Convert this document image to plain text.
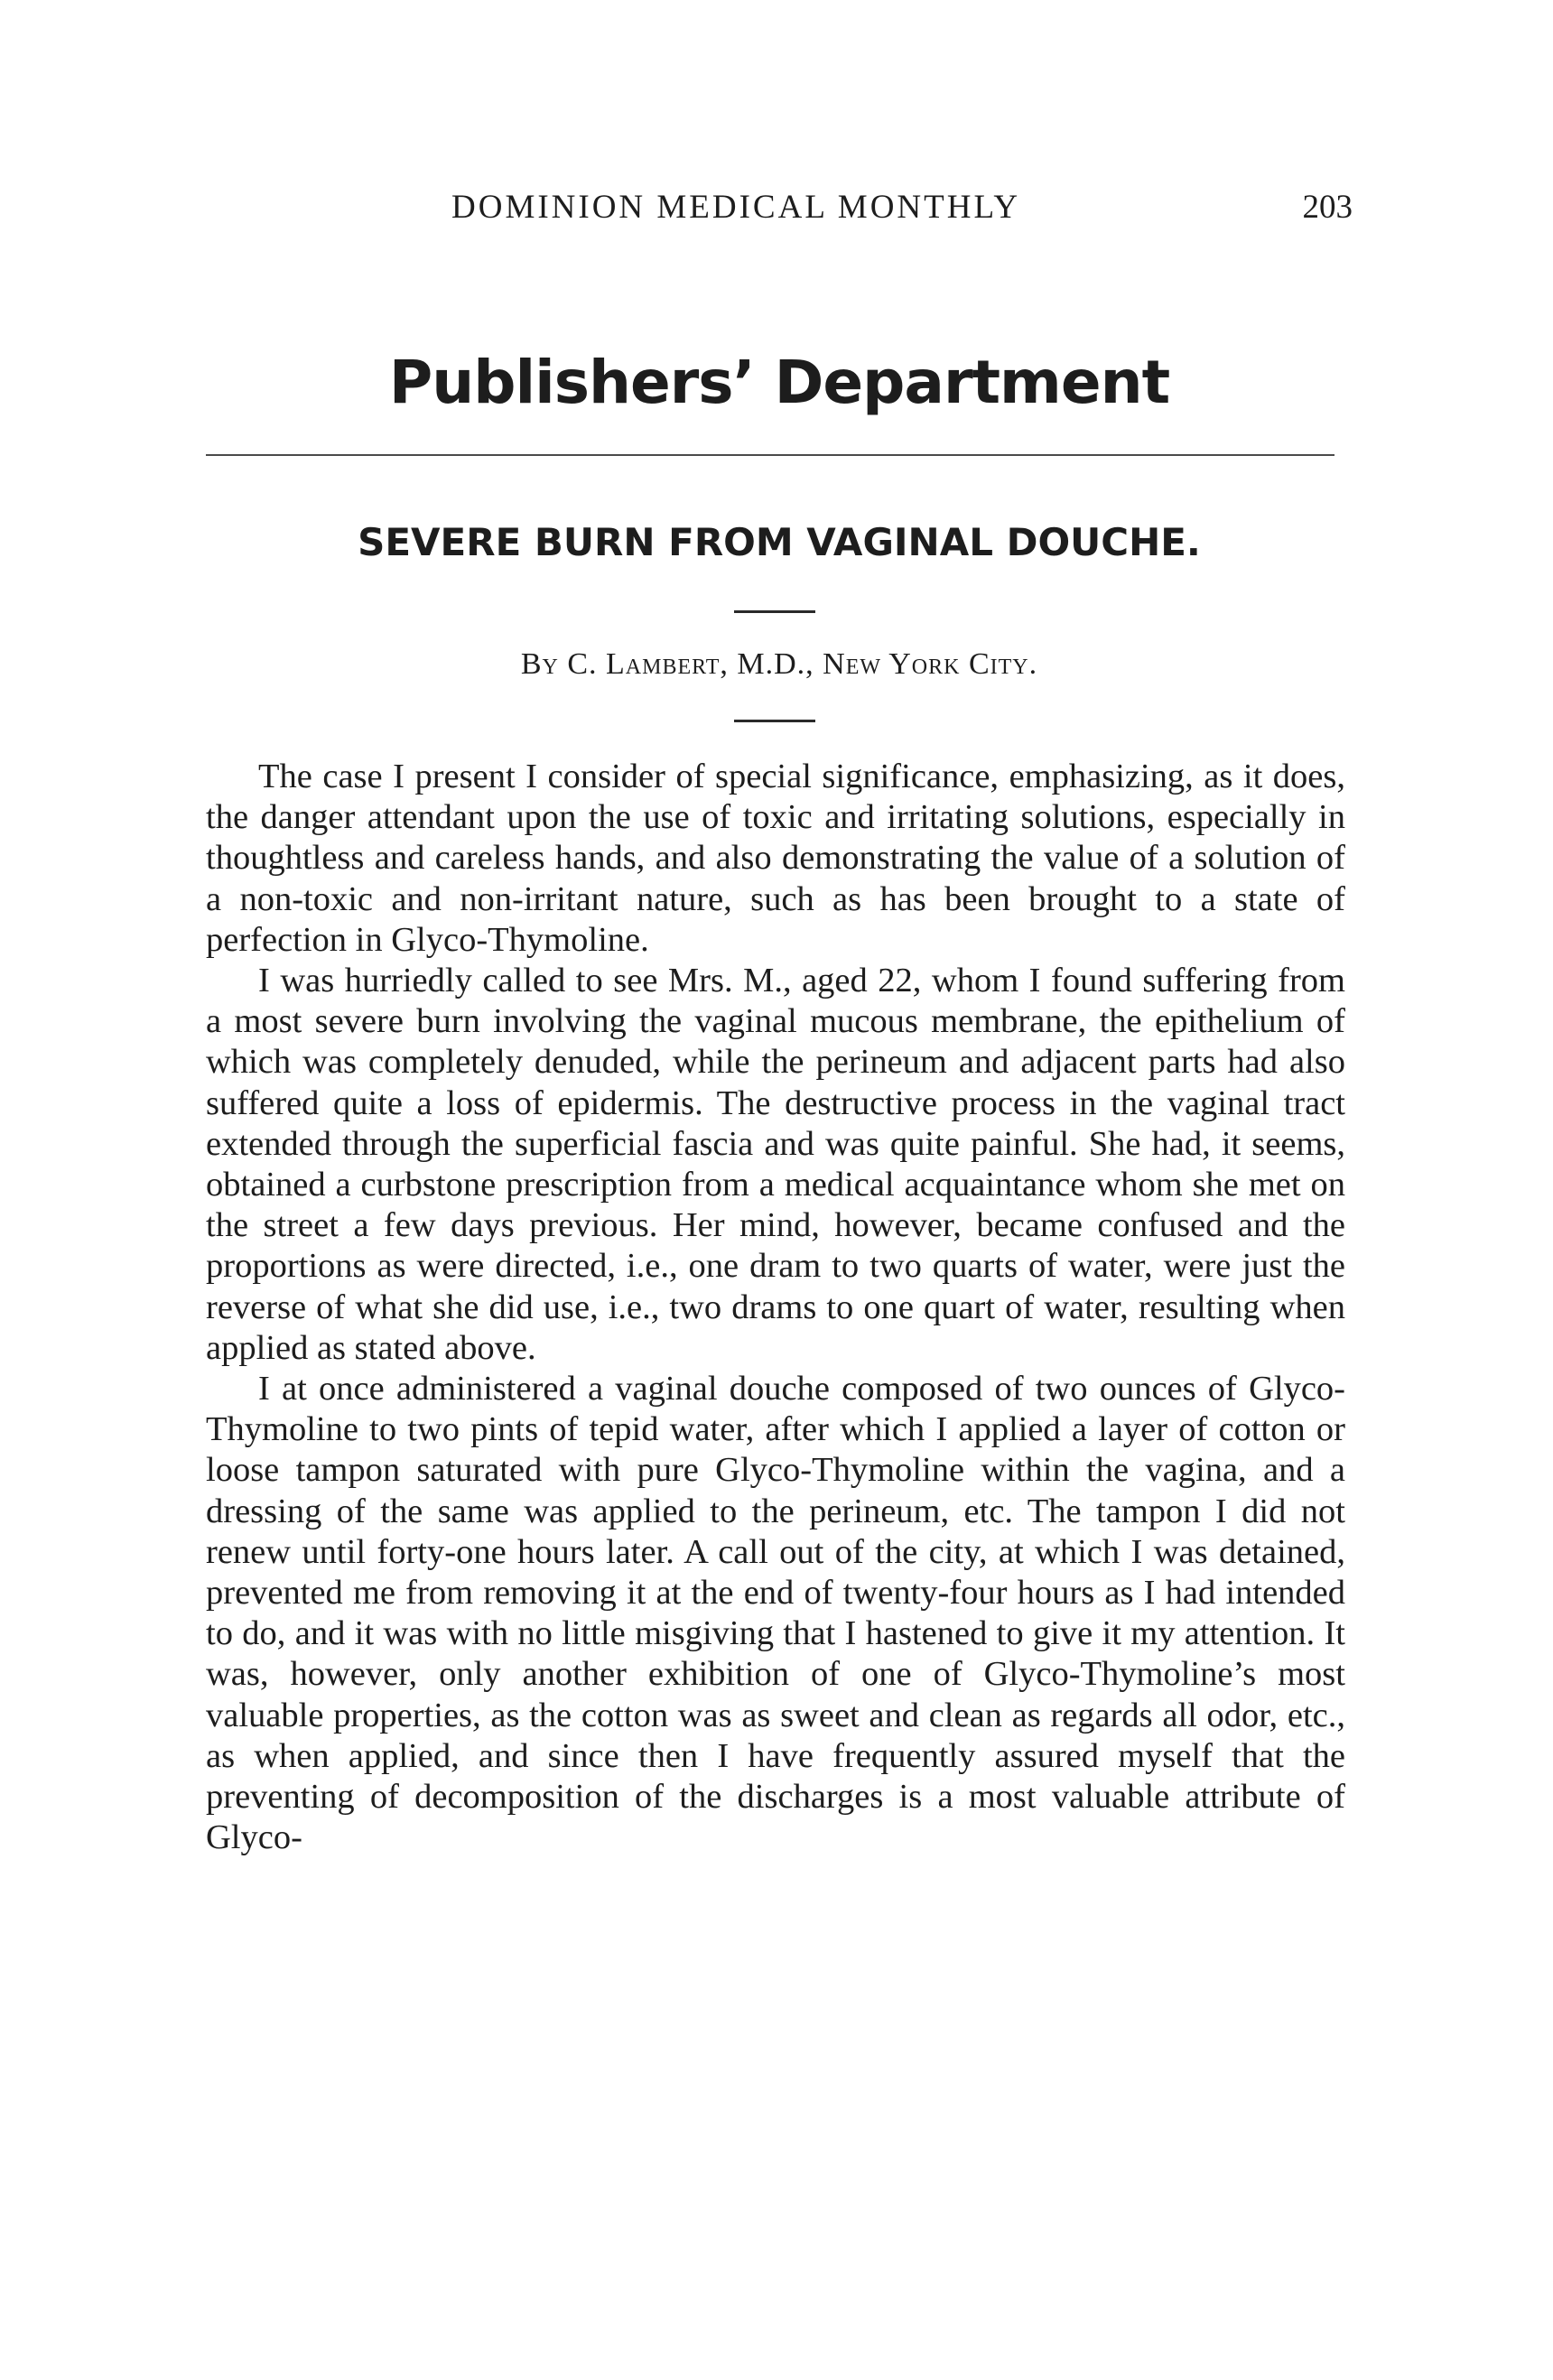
DOMINION MEDICAL MONTHLY	203
Publishers’ Department
SEVERE BURN FROM VAGINAL DOUCHE.
By C. Lambert, M.D., New York City.

The case I present I consider of special significance, emphasizing, as it does, the danger attendant upon the use of toxic and irritating solutions, especially in thoughtless and careless hands, and also demonstrating the value of a solution of a non-toxic and non-irritant nature, such as has been brought to a state of perfection in Glyco-Thymoline.

I was hurriedly called to see Mrs. M., aged 22, whom I found suffering from a most severe burn involving the vaginal mucous membrane, the epithelium of which was completely denuded, while the perineum and adjacent parts had also suffered quite a loss of epidermis. The destructive process in the vaginal tract extended through the superficial fascia and was quite painful. She had, it seems, obtained a curbstone prescription from a medical acquaintance whom she met on the street a few days previous. Her mind, however, became confused and the proportions as were directed, i.e., one dram to two quarts of water, were just the reverse of what she did use, i.e., two drams to one quart of water, resulting when applied as stated above.

I at once administered a vaginal douche composed of two ounces of Glyco-Thymoline to two pints of tepid water, after which I applied a layer of cotton or loose tampon saturated with pure Glyco-Thymoline within the vagina, and a dressing of the same was applied to the perineum, etc. The tampon I did not renew until forty-one hours later. A call out of the city, at which I was detained, prevented me from removing it at the end of twenty-four hours as I had intended to do, and it was with no little misgiving that I hastened to give it my attention. It was, however, only another exhibition of one of Glyco-Thymoline’s most valuable properties, as the cotton was as sweet and clean as regards all odor, etc., as when applied, and since then I have frequently assured myself that the preventing of decomposition of the discharges is a most valuable attribute of Glyco-
